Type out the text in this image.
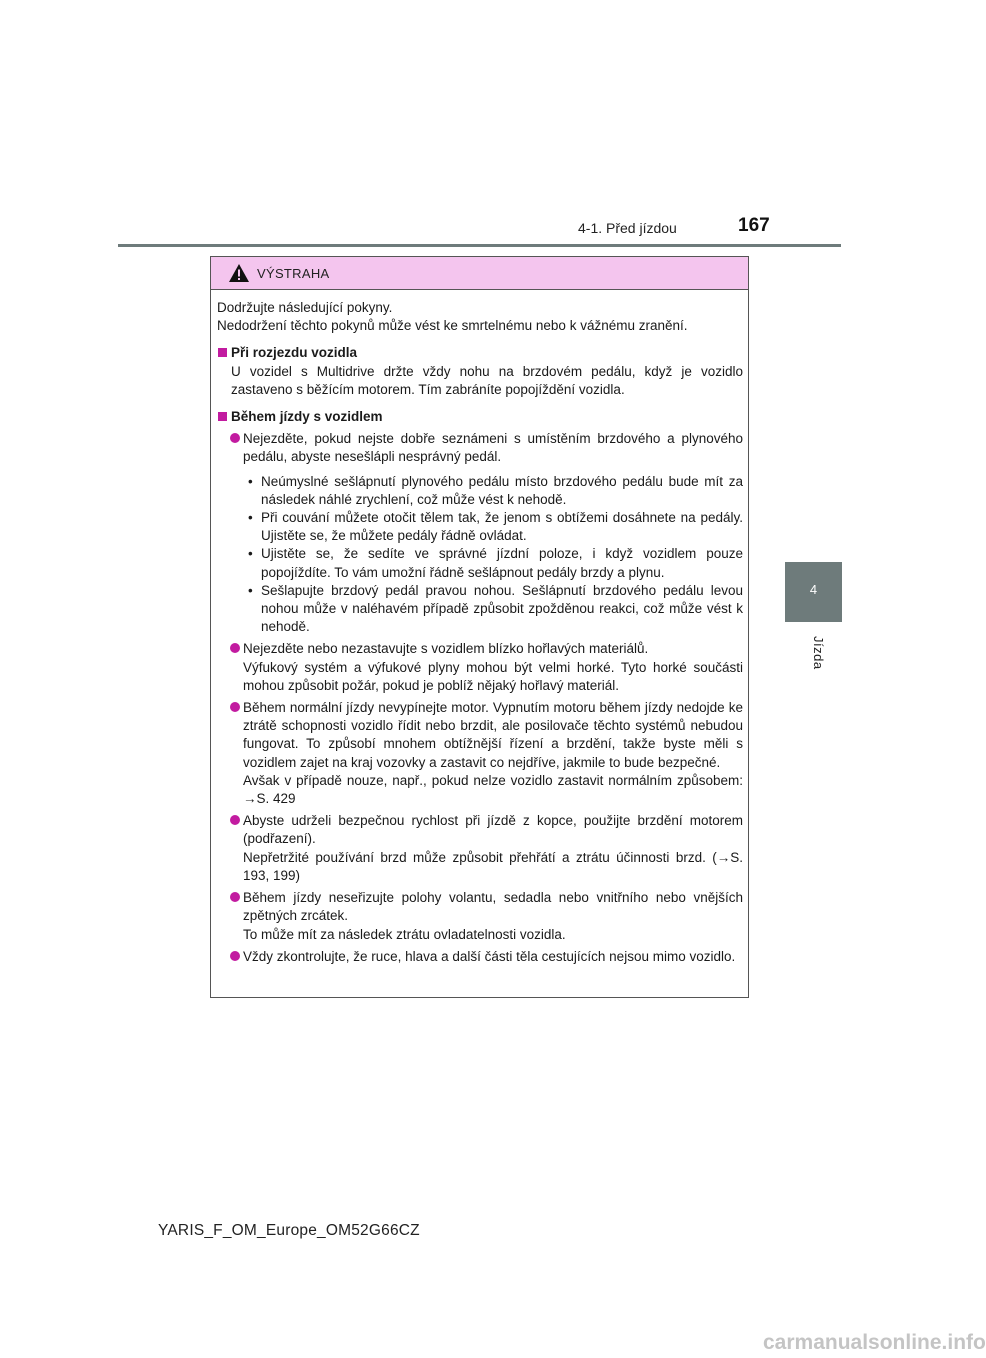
4-1. Před jízdou	167
4
Jízda
VÝSTRAHA

Dodržujte následující pokyny.

Nedodržení těchto pokynů může vést ke smrtelnému nebo k vážnému zranění.

Při rozjezdu vozidla

U vozidel s Multidrive držte vždy nohu na brzdovém pedálu, když je vozidlo zastaveno s běžícím motorem. Tím zabráníte popojíždění vozidla.

Během jízdy s vozidlem

Nejezděte, pokud nejste dobře seznámeni s umístěním brzdového a plynového pedálu, abyste nesešlápli nesprávný pedál.

• Neúmyslné sešlápnutí plynového pedálu místo brzdového pedálu bude mít za následek náhlé zrychlení, což může vést k nehodě.
• Při couvání můžete otočit tělem tak, že jenom s obtížemi dosáhnete na pedály. Ujistěte se, že můžete pedály řádně ovládat.
• Ujistěte se, že sedíte ve správné jízdní poloze, i když vozidlem pouze popojíždíte. To vám umožní řádně sešlápnout pedály brzdy a plynu.
• Sešlapujte brzdový pedál pravou nohou. Sešlápnutí brzdového pedálu levou nohou může v naléhavém případě způsobit zpožděnou reakci, což může vést k nehodě.

Nejezděte nebo nezastavujte s vozidlem blízko hořlavých materiálů.

Výfukový systém a výfukové plyny mohou být velmi horké. Tyto horké součásti mohou způsobit požár, pokud je poblíž nějaký hořlavý materiál.

Během normální jízdy nevypínejte motor. Vypnutím motoru během jízdy nedojde ke ztrátě schopnosti vozidlo řídit nebo brzdit, ale posilovače těchto systémů nebudou fungovat. To způsobí mnohem obtížnější řízení a brzdění, takže byste měli s vozidlem zajet na kraj vozovky a zastavit co nejdříve, jakmile to bude bezpečné.

Avšak v případě nouze, např., pokud nelze vozidlo zastavit normálním způsobem: →S. 429

Abyste udrželi bezpečnou rychlost při jízdě z kopce, použijte brzdění motorem (podřazení).

Nepřetržité používání brzd může způsobit přehřátí a ztrátu účinnosti brzd. (→S. 193, 199)

Během jízdy neseřizujte polohy volantu, sedadla nebo vnitřního nebo vnějších zpětných zrcátek.

To může mít za následek ztrátu ovladatelnosti vozidla.

Vždy zkontrolujte, že ruce, hlava a další části těla cestujících nejsou mimo vozidlo.

YARIS_F_OM_Europe_OM52G66CZ
carmanualsonline.info
